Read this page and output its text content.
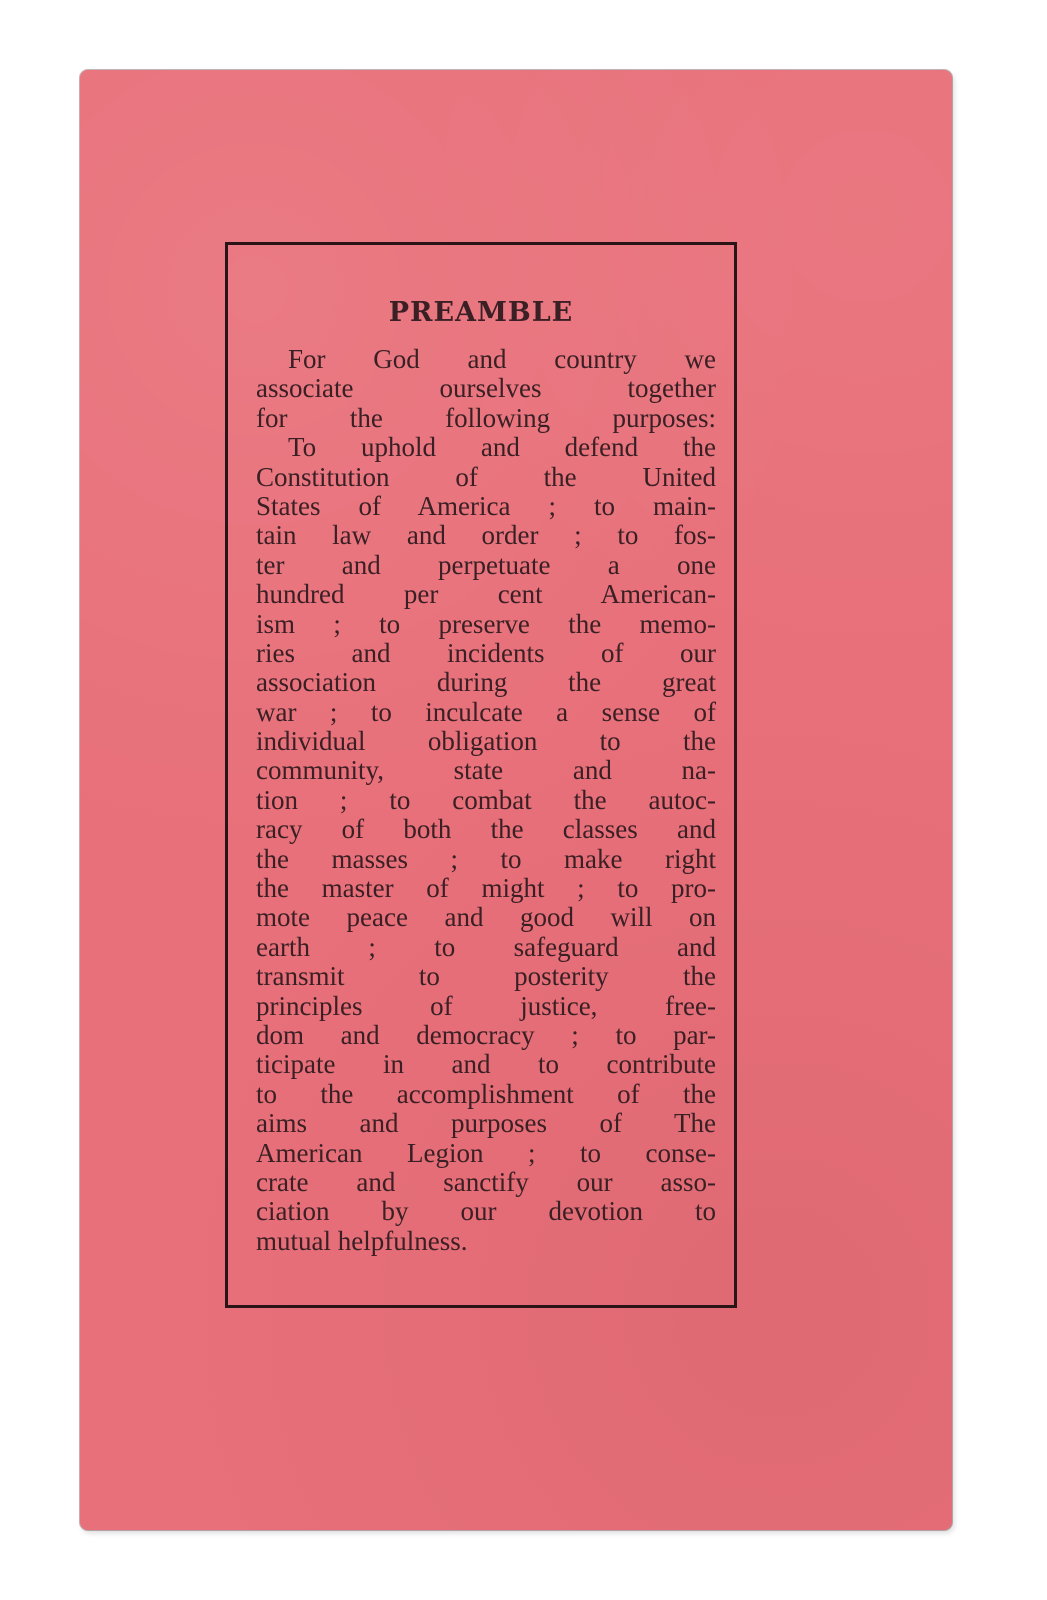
PREAMBLE
For God and country we
associate ourselves together
for the following purposes:
To uphold and defend the
Constitution of the United
States of America ; to main-
tain law and order ; to fos-
ter and perpetuate a one
hundred per cent American-
ism ; to preserve the memo-
ries and incidents of our
association during the great
war ; to inculcate a sense of
individual obligation to the
community, state and na-
tion ; to combat the autoc-
racy of both the classes and
the masses ; to make right
the master of might ; to pro-
mote peace and good will on
earth ; to safeguard and
transmit to posterity the
principles of justice, free-
dom and democracy ; to par-
ticipate in and to contribute
to the accomplishment of the
aims and purposes of The
American Legion ; to conse-
crate and sanctify our asso-
ciation by our devotion to
mutual helpfulness.
